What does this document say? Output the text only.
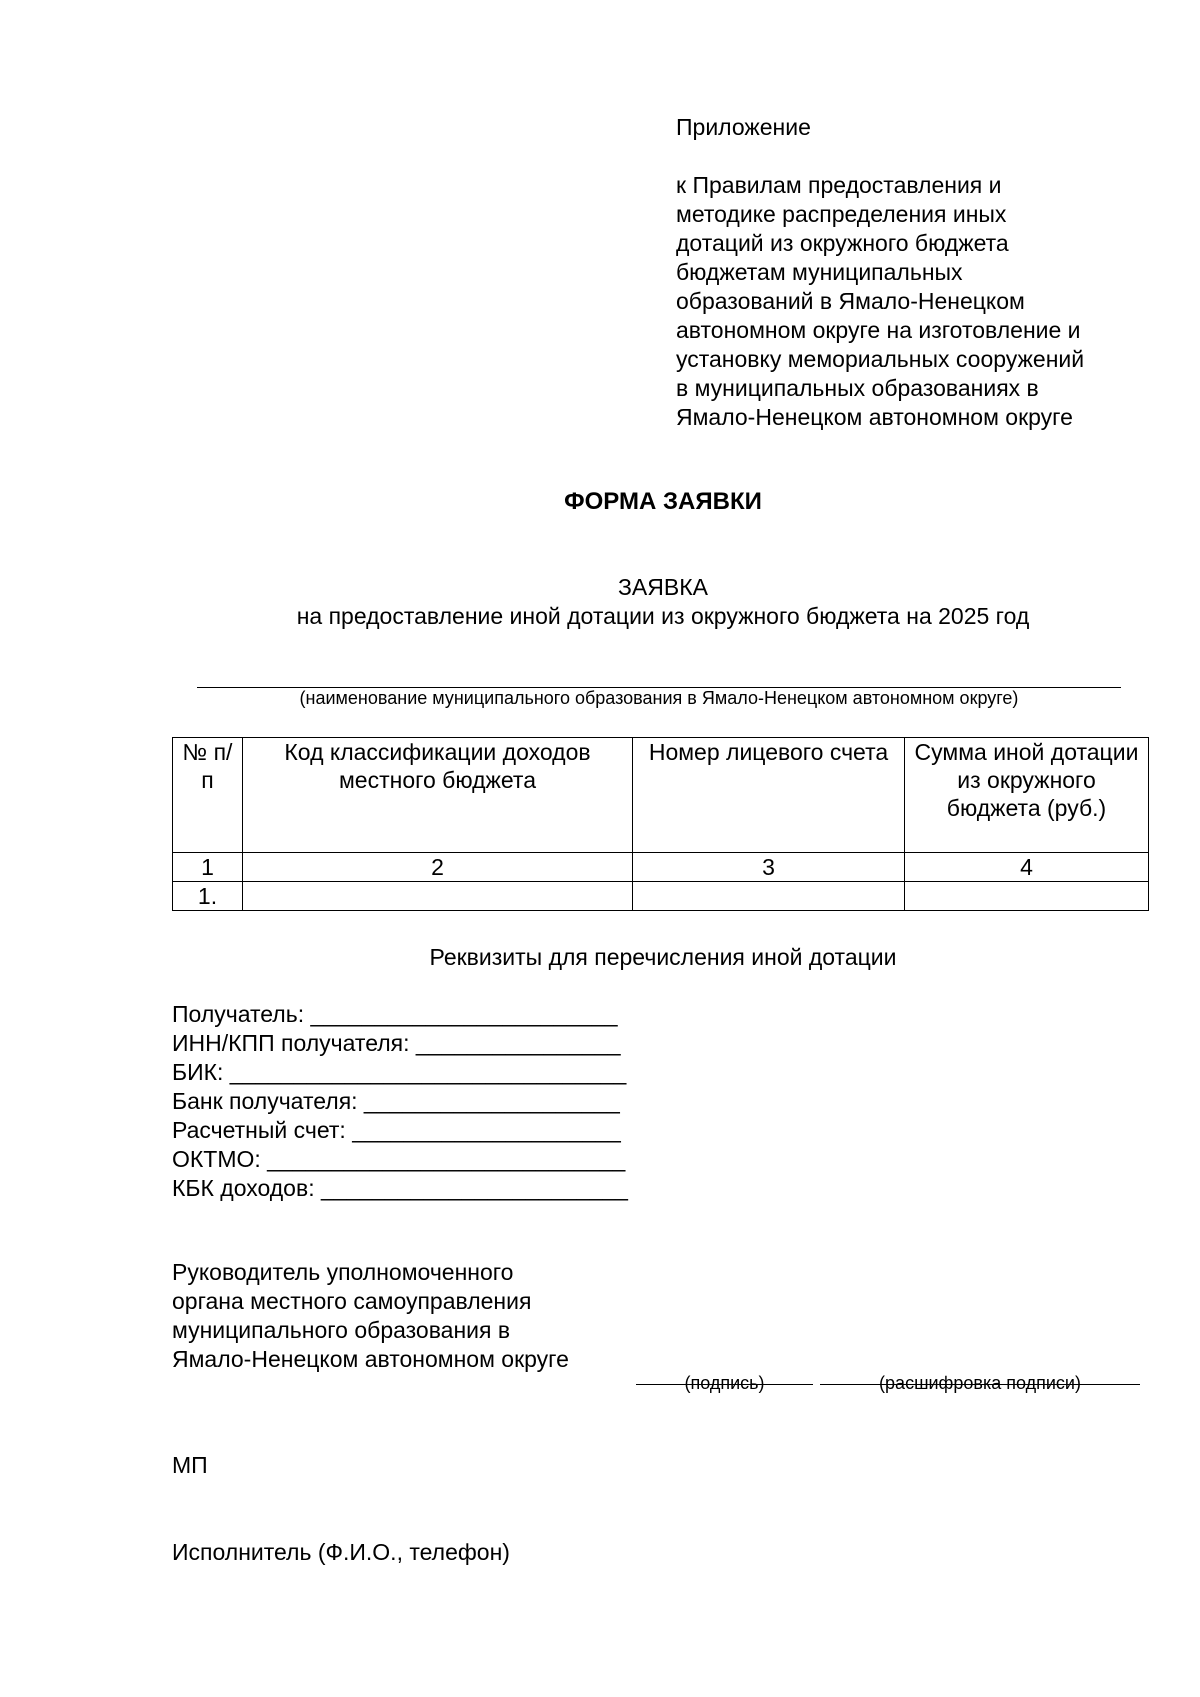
Приложение
к Правилам предоставления и
методике распределения иных
дотаций из окружного бюджета
бюджетам муниципальных
образований в Ямало-Ненецком
автономном округе на изготовление и
установку мемориальных сооружений
в муниципальных образованиях в
Ямало-Ненецком автономном округе
ФОРМА ЗАЯВКИ
ЗАЯВКА
на предоставление иной дотации из окружного бюджета на 2025 год
(наименование муниципального образования в Ямало-Ненецком автономном округе)
№ п/п	Код классификации доходов местного бюджета	Номер лицевого счета	Сумма иной дотации из окружного бюджета (руб.)
1	2	3	4
1.			
Реквизиты для перечисления иной дотации
Получатель: ________________________
ИНН/КПП получателя: ________________
БИК: _______________________________
Банк получателя: ____________________
Расчетный счет: _____________________
ОКТМО: ____________________________
КБК доходов: ________________________
Руководитель уполномоченного
органа местного самоуправления
муниципального образования в
Ямало-Ненецком автономном округе
(подпись)	(расшифровка подписи)
МП
Исполнитель (Ф.И.О., телефон)
